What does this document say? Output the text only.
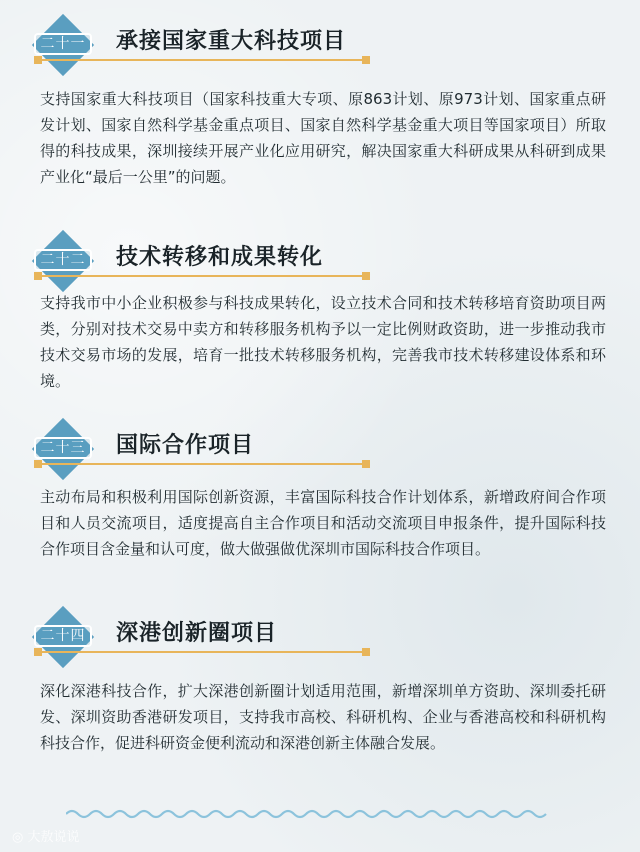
二十一 承接国家重大科技项目

支持国家重大科技项目（国家科技重大专项、原863计划、原973计划、国家重点研发计划、国家自然科学基金重点项目、国家自然科学基金重大项目等国家项目）所取得的科技成果，深圳接续开展产业化应用研究，解决国家重大科研成果从科研到成果产业化“最后一公里”的问题。

二十二 技术转移和成果转化

支持我市中小企业积极参与科技成果转化，设立技术合同和技术转移培育资助项目两类，分别对技术交易中卖方和转移服务机构予以一定比例财政资助，进一步推动我市技术交易市场的发展，培育一批技术转移服务机构，完善我市技术转移建设体系和环境。

二十三 国际合作项目

主动布局和积极利用国际创新资源，丰富国际科技合作计划体系，新增政府间合作项目和人员交流项目，适度提高自主合作项目和活动交流项目申报条件，提升国际科技合作项目含金量和认可度，做大做强做优深圳市国际科技合作项目。

二十四 深港创新圈项目

深化深港科技合作，扩大深港创新圈计划适用范围，新增深圳单方资助、深圳委托研发、深圳资助香港研发项目，支持我市高校、科研机构、企业与香港高校和科研机构科技合作，促进科研资金便利流动和深港创新主体融合发展。

◎ 大敖说说
